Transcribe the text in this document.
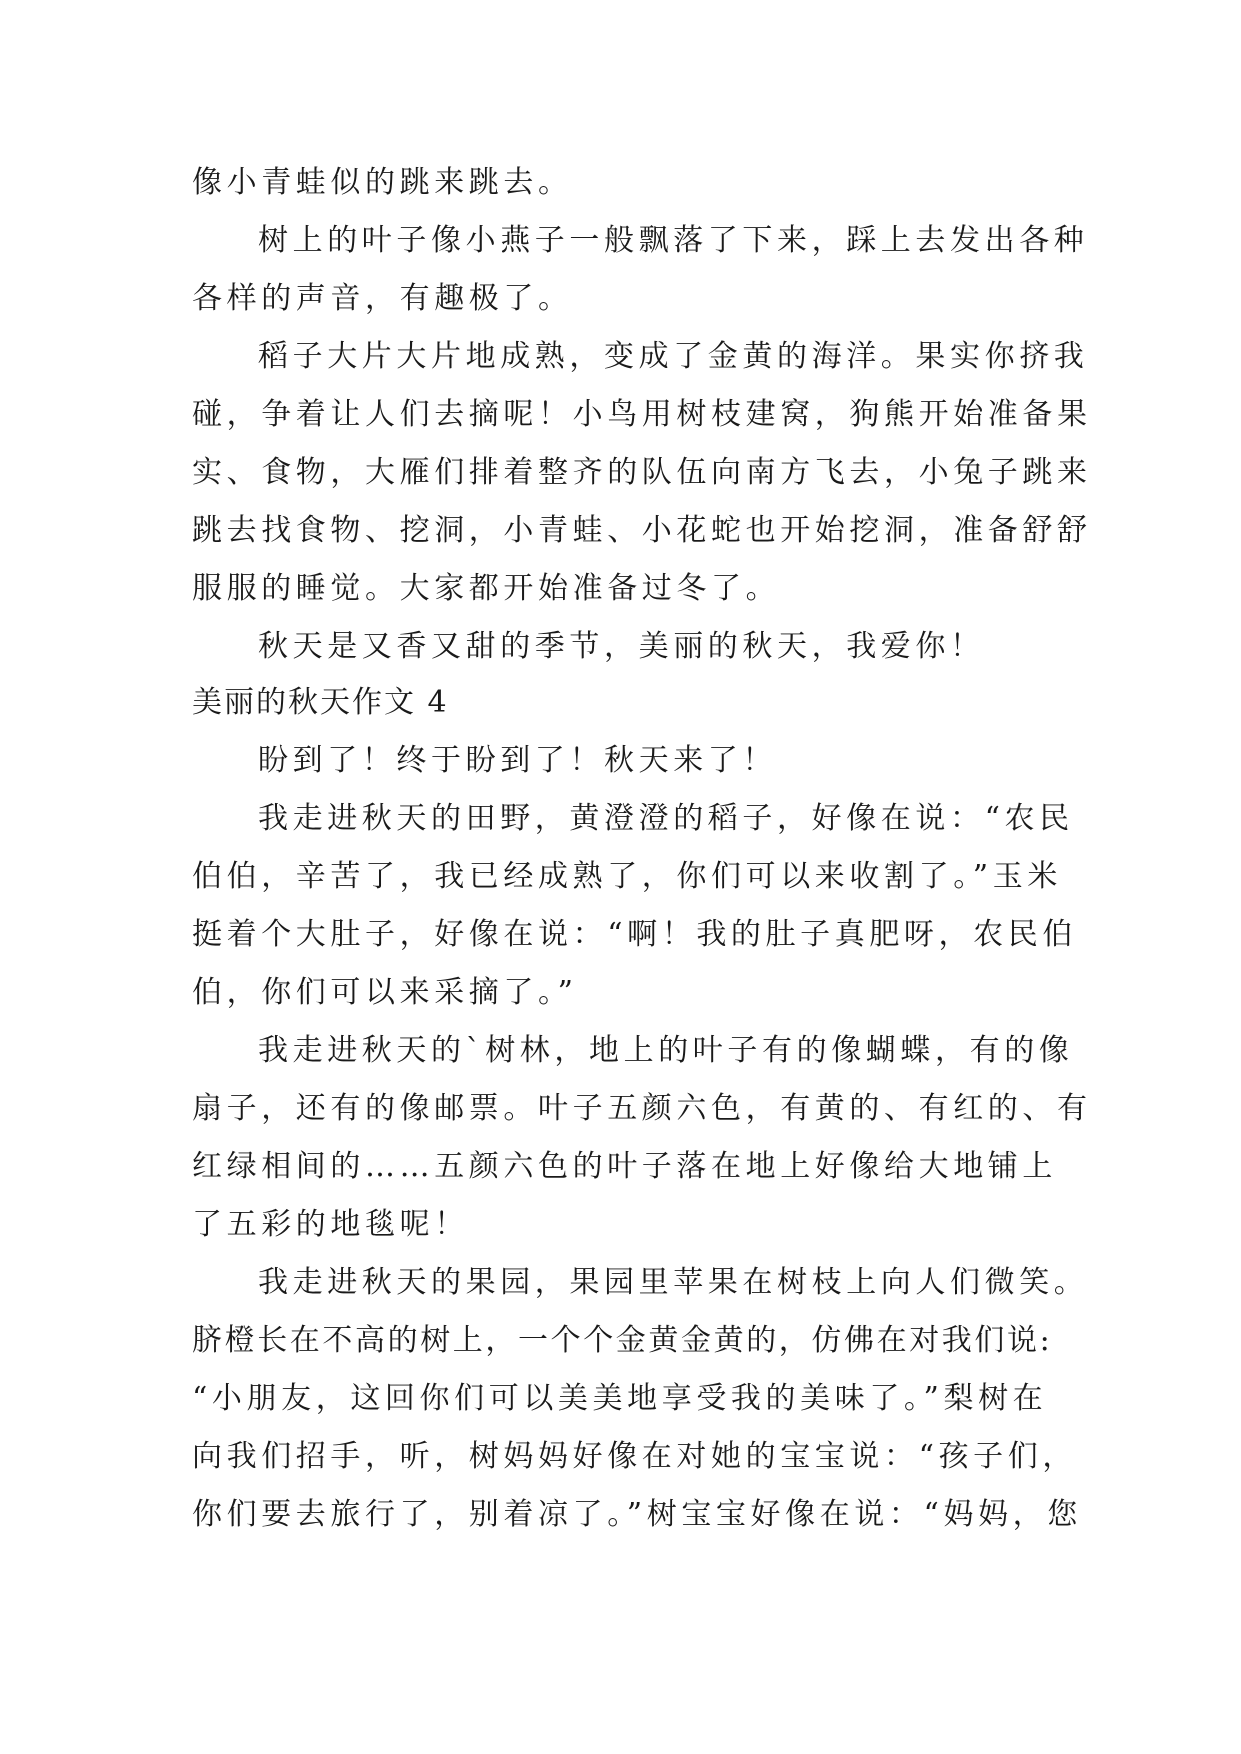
像小青蛙似的跳来跳去。
树上的叶子像小燕子一般飘落了下来，踩上去发出各种
各样的声音，有趣极了。
稻子大片大片地成熟，变成了金黄的海洋。果实你挤我
碰，争着让人们去摘呢！小鸟用树枝建窝，狗熊开始准备果
实、食物，大雁们排着整齐的队伍向南方飞去，小兔子跳来
跳去找食物、挖洞，小青蛙、小花蛇也开始挖洞，准备舒舒
服服的睡觉。大家都开始准备过冬了。
秋天是又香又甜的季节，美丽的秋天，我爱你！
美丽的秋天作文 4
盼到了！终于盼到了！秋天来了！
我走进秋天的田野，黄澄澄的稻子，好像在说：“农民
伯伯，辛苦了，我已经成熟了，你们可以来收割了。”玉米
挺着个大肚子，好像在说：“啊！我的肚子真肥呀，农民伯
伯，你们可以来采摘了。”
我走进秋天的`树林，地上的叶子有的像蝴蝶，有的像
扇子，还有的像邮票。叶子五颜六色，有黄的、有红的、有
红绿相间的……五颜六色的叶子落在地上好像给大地铺上
了五彩的地毯呢！
我走进秋天的果园，果园里苹果在树枝上向人们微笑。
脐橙长在不高的树上，一个个金黄金黄的，仿佛在对我们说:
“小朋友，这回你们可以美美地享受我的美味了。”梨树在
向我们招手，听，树妈妈好像在对她的宝宝说：“孩子们，
你们要去旅行了，别着凉了。”树宝宝好像在说：“妈妈，您
